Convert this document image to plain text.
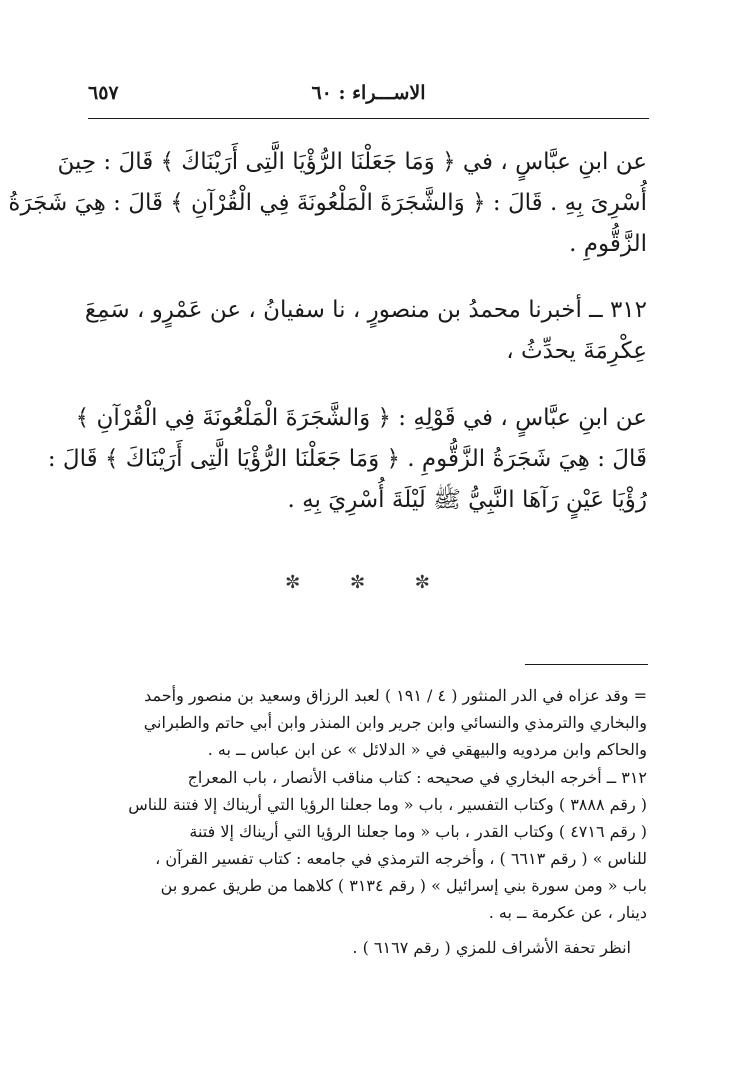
الاســـراء : ٦٠
٦٥٧
عن ابنِ عبَّاسٍ ، في ﴿ وَمَا جَعَلْنَا الرُّؤْيَا الَّتِى أَرَيْنَاكَ ﴾ قَالَ : حِينَ
أُسْرِىَ بِهِ . قَالَ : ﴿ وَالشَّجَرَةَ الْمَلْعُونَةَ فِي الْقُرْآنِ ﴾ قَالَ : هِيَ شَجَرَةُ
الزَّقُّومِ .
٣١٢ ــ أخبرنا محمدُ بن منصورٍ ، نا سفيانُ ، عن عَمْرٍو ، سَمِعَ
عِكْرِمَةَ يحدِّثُ ،
عن ابنِ عبَّاسٍ ، في قَوْلِهِ : ﴿ وَالشَّجَرَةَ الْمَلْعُونَةَ فِي الْقُرْآنِ ﴾
قَالَ : هِيَ شَجَرَةُ الزَّقُّومِ . ﴿ وَمَا جَعَلْنَا الرُّؤْيَا الَّتِى أَرَيْنَاكَ ﴾ قَالَ :
رُؤْيَا عَيْنٍ رَآهَا النَّبِيُّ ﷺ لَيْلَةَ أُسْرِيَ بِهِ .
✼ ✼ ✼
= وقد عزاه في الدر المنثور ( ٤ / ١٩١ ) لعبد الرزاق وسعيد بن منصور وأحمد
والبخاري والترمذي والنسائي وابن جرير وابن المنذر وابن أبي حاتم والطبراني
والحاكم وابن مردويه والبيهقي في « الدلائل » عن ابن عباس ــ به .
٣١٢ ــ أخرجه البخاري في صحيحه : كتاب مناقب الأنصار ، باب المعراج
( رقم ٣٨٨٨ ) وكتاب التفسير ، باب « وما جعلنا الرؤيا التي أريناك إلا فتنة للناس
( رقم ٤٧١٦ ) وكتاب القدر ، باب « وما جعلنا الرؤيا التي أريناك إلا فتنة
للناس » ( رقم ٦٦١٣ ) ، وأخرجه الترمذي في جامعه : كتاب تفسير القرآن ،
باب « ومن سورة بني إسرائيل » ( رقم ٣١٣٤ ) كلاهما من طريق عمرو بن
دينار ، عن عكرمة ــ به .
انظر تحفة الأشراف للمزي ( رقم ٦١٦٧ ) .
